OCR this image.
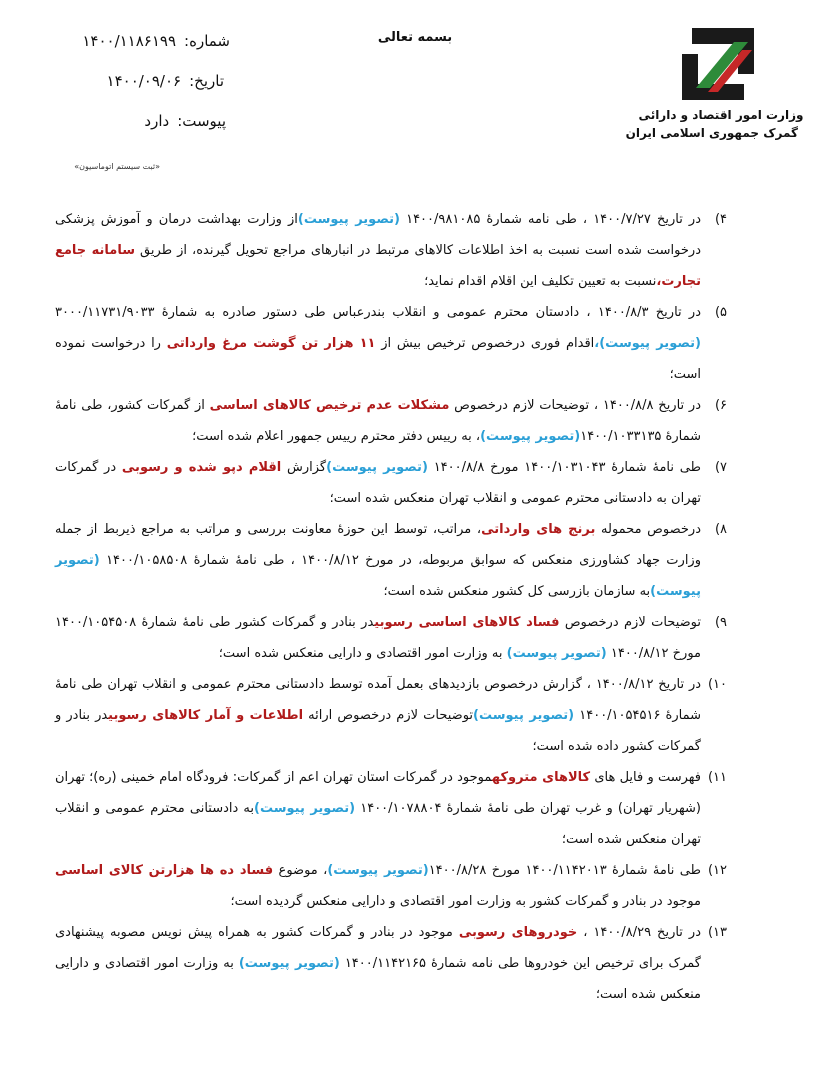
وزارت امور اقتصاد و دارائی
گمرک جمهوری اسلامی ایران
بسمه تعالی
شماره:
۱۴۰۰/۱۱۸۶۱۹۹
تاریخ:
۱۴۰۰/۰۹/۰۶
پیوست:
دارد
«ثبت سیستم اتوماسیون»
۴)
در تاریخ ۱۴۰۰/۷/۲۷ ، طی نامه شمارهٔ ۱۴۰۰/۹۸۱۰۸۵ (تصویر پیوست)از وزارت بهداشت درمان و آموزش پزشکی درخواست شده است نسبت به اخذ اطلاعات کالاهای مرتبط در انبارهای مراجع تحویل گیرنده، از طریق سامانه جامع تجارت،نسبت به تعیین تکلیف این اقلام اقدام نماید؛
۵)
در تاریخ ۱۴۰۰/۸/۳ ، دادستان محترم عمومی و انقلاب بندرعباس طی دستور صادره به شمارهٔ ۳۰۰۰/۱۱۷۳۱/۹۰۳۳ (تصویر پیوست)،اقدام فوری درخصوص ترخیص بیش از ۱۱ هزار تن گوشت مرغ وارداتی را درخواست نموده است؛
۶)
در تاریخ ۱۴۰۰/۸/۸ ، توضیحات لازم درخصوص مشکلات عدم ترخیص کالاهای اساسی از گمرکات کشور، طی نامهٔ شمارهٔ ۱۴۰۰/۱۰۳۳۱۳۵(تصویر پیوست)، به رییس دفتر محترم رییس جمهور اعلام شده است؛
۷)
طی نامهٔ شمارهٔ ۱۴۰۰/۱۰۳۱۰۴۳ مورخ ۱۴۰۰/۸/۸ (تصویر پیوست)گزارش اقلام دپو شده و رسوبی در گمرکات تهران به دادستانی محترم عمومی و انقلاب تهران منعکس شده است؛
۸)
درخصوص محموله برنج های وارداتی، مراتب، توسط این حوزهٔ معاونت بررسی و مراتب به مراجع ذیربط از جمله وزارت جهاد کشاورزی منعکس که سوابق مربوطه، در مورخ ۱۴۰۰/۸/۱۲ ، طی نامهٔ شمارهٔ ۱۴۰۰/۱۰۵۸۵۰۸ (تصویر پیوست)به سازمان بازرسی کل کشور منعکس شده است؛
۹)
توضیحات لازم درخصوص فساد کالاهای اساسی رسوبیدر بنادر و گمرکات کشور طی نامهٔ شمارهٔ ۱۴۰۰/۱۰۵۴۵۰۸ مورخ ۱۴۰۰/۸/۱۲ (تصویر پیوست) به وزارت امور اقتصادی و دارایی منعکس شده است؛
۱۰)
در تاریخ ۱۴۰۰/۸/۱۲ ، گزارش درخصوص بازدیدهای بعمل آمده توسط دادستانی محترم عمومی و انقلاب تهران طی نامهٔ شمارهٔ ۱۴۰۰/۱۰۵۴۵۱۶ (تصویر پیوست)توضیحات لازم درخصوص ارائه اطلاعات و آمار کالاهای رسوبیدر بنادر و گمرکات کشور داده شده است؛
۱۱)
فهرست و فایل های کالاهای متروکهموجود در گمرکات استان تهران اعم از گمرکات: فرودگاه امام خمینی (ره)؛ تهران (شهریار تهران) و غرب تهران طی نامهٔ شمارهٔ ۱۴۰۰/۱۰۷۸۸۰۴ (تصویر پیوست)به دادستانی محترم عمومی و انقلاب تهران منعکس شده است؛
۱۲)
طی نامهٔ شمارهٔ ۱۴۰۰/۱۱۴۲۰۱۳ مورخ ۱۴۰۰/۸/۲۸(تصویر پیوست)، موضوع فساد ده ها هزارتن کالای اساسی موجود در بنادر و گمرکات کشور به وزارت امور اقتصادی و دارایی منعکس گردیده است؛
۱۳)
در تاریخ ۱۴۰۰/۸/۲۹ ، خودروهای رسوبی موجود در بنادر و گمرکات کشور به همراه پیش نویس مصوبه پیشنهادی گمرک برای ترخیص این خودروها طی نامه شمارهٔ ۱۴۰۰/۱۱۴۲۱۶۵ (تصویر پیوست) به وزارت امور اقتصادی و دارایی منعکس شده است؛
